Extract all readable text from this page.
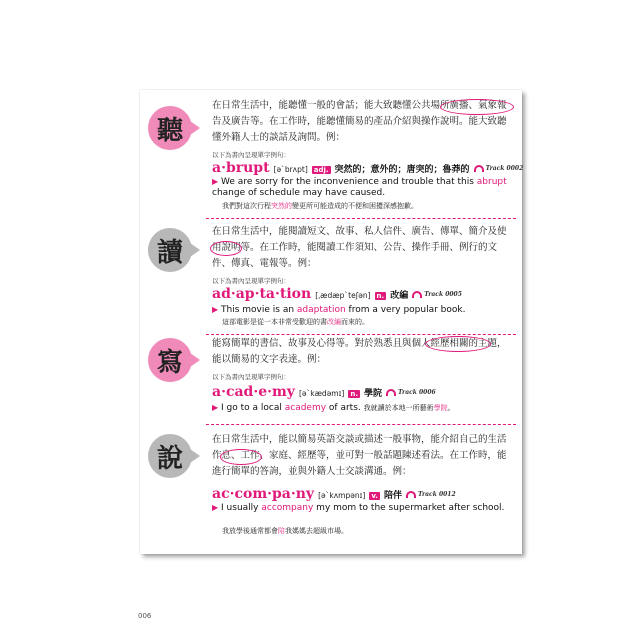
聽
在日常生活中，能聽懂一般的會話；能大致聽懂公共場所廣播、氣象報告及廣告等。在工作時，能聽懂簡易的產品介紹與操作說明。能大致聽懂外籍人士的談話及詢問。例：
以下為書內呈現單字例句：
a·brupt [əˋbrʌpt] adj. 突然的；意外的；唐突的；魯莽的	Track 0002
▶ We are sorry for the inconvenience and trouble that this abrupt change of schedule may have caused.
我們對這次行程突然的變更所可能造成的不便和困擾深感抱歉。
讀
在日常生活中，能閱讀短文、故事、私人信件、廣告、傳單、簡介及使用說明等。在工作時，能閱讀工作須知、公告、操作手冊、例行的文件、傳真、電報等。例：
以下為書內呈現單字例句：
ad·ap·ta·tion [ˌædæpˋteʃən] n. 改編	Track 0005
▶ This movie is an adaptation from a very popular book.
這部電影是從一本非常受歡迎的書改編而來的。
寫
能寫簡單的書信、故事及心得等。對於熟悉且與個人經歷相關的主題，能以簡易的文字表達。例：
以下為書內呈現單字例句：
a·cad·e·my [əˋkædəmɪ] n. 學院	Track 0006
▶ I go to a local academy of arts. 我就讀於本地一所藝術學院。
說
在日常生活中，能以簡易英語交談或描述一般事物，能介紹自己的生活作息、工作、家庭、經歷等，並可對一般話題陳述看法。在工作時，能進行簡單的答詢，並與外籍人士交談溝通。例：
ac·com·pa·ny [əˋkʌmpənɪ] v. 陪伴	Track 0012
▶ I usually accompany my mom to the supermarket after school.
我放學後通常都會陪我媽媽去超級市場。
006
